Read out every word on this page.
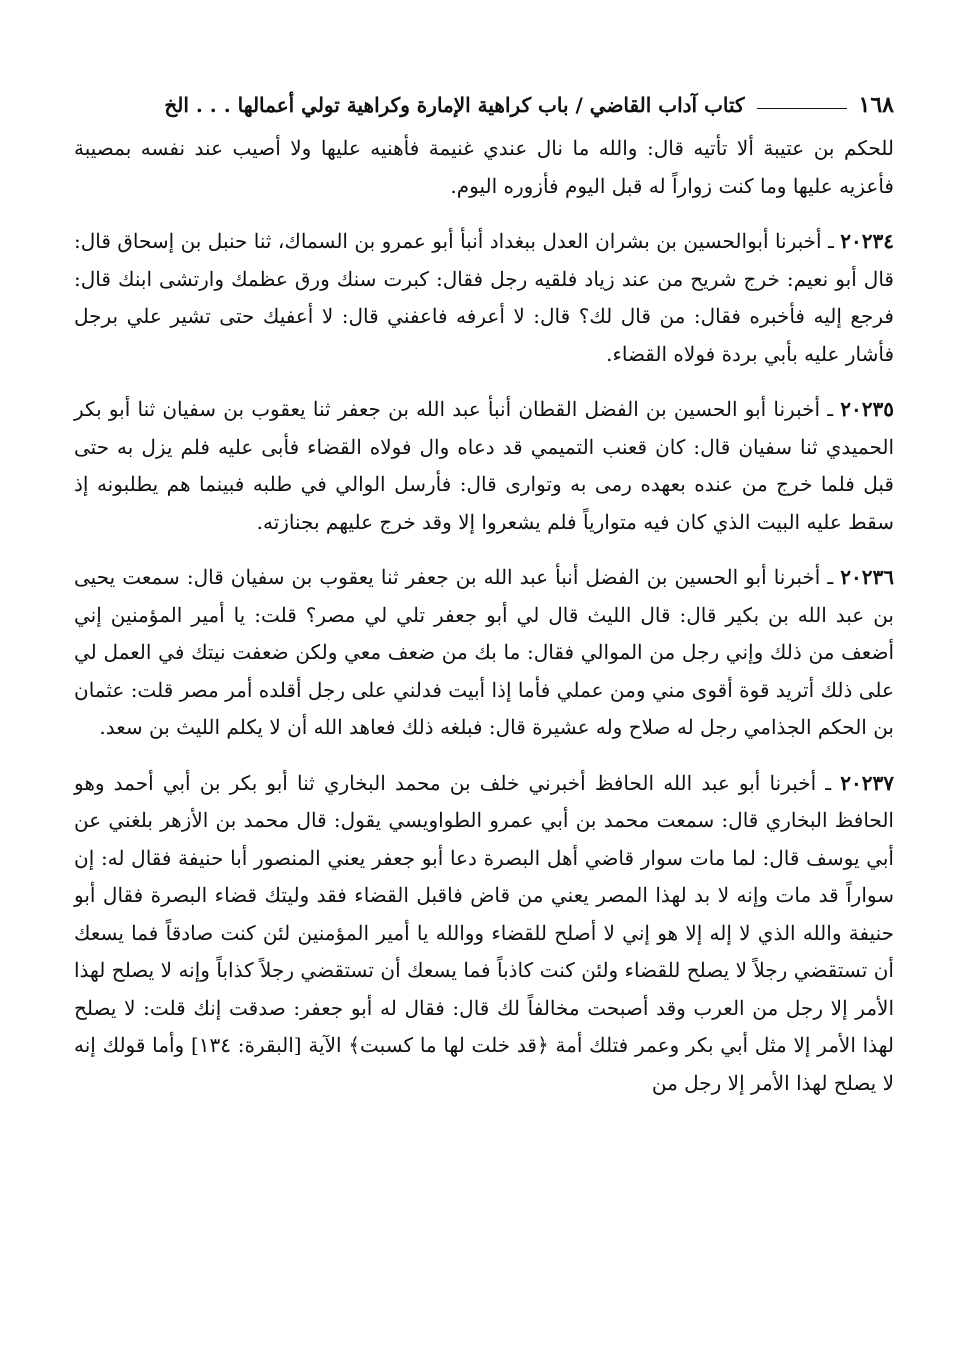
١٦٨
كتاب آداب القاضي / باب كراهية الإمارة وكراهية تولي أعمالها . . . الخ

للحكم بن عتيبة ألا تأتيه قال: والله ما نال عندي غنيمة فأهنيه عليها ولا أصيب عند نفسه بمصيبة فأعزيه عليها وما كنت زواراً له قبل اليوم فأزوره اليوم.

٢٠٢٣٤ ـ أخبرنا أبوالحسين بن بشران العدل ببغداد أنبأ أبو عمرو بن السماك، ثنا حنبل بن إسحاق قال: قال أبو نعيم: خرج شريح من عند زياد فلقيه رجل فقال: كبرت سنك ورق عظمك وارتشى ابنك قال: فرجع إليه فأخبره فقال: من قال لك؟ قال: لا أعرفه فاعفني قال: لا أعفيك حتى تشير علي برجل فأشار عليه بأبي بردة فولاه القضاء.

٢٠٢٣٥ ـ أخبرنا أبو الحسين بن الفضل القطان أنبأ عبد الله بن جعفر ثنا يعقوب بن سفيان ثنا أبو بكر الحميدي ثنا سفيان قال: كان قعنب التميمي قد دعاه وال فولاه القضاء فأبى عليه فلم يزل به حتى قبل فلما خرج من عنده بعهده رمى به وتوارى قال: فأرسل الوالي في طلبه فبينما هم يطلبونه إذ سقط عليه البيت الذي كان فيه متوارياً فلم يشعروا إلا وقد خرج عليهم بجنازته.

٢٠٢٣٦ ـ أخبرنا أبو الحسين بن الفضل أنبأ عبد الله بن جعفر ثنا يعقوب بن سفيان قال: سمعت يحيى بن عبد الله بن بكير قال: قال الليث قال لي أبو جعفر تلي لي مصر؟ قلت: يا أمير المؤمنين إني أضعف من ذلك وإني رجل من الموالي فقال: ما بك من ضعف معي ولكن ضعفت نيتك في العمل لي على ذلك أتريد قوة أقوى مني ومن عملي فأما إذا أبيت فدلني على رجل أقلده أمر مصر قلت: عثمان بن الحكم الجذامي رجل له صلاح وله عشيرة قال: فبلغه ذلك فعاهد الله أن لا يكلم الليث بن سعد.

٢٠٢٣٧ ـ أخبرنا أبو عبد الله الحافظ أخبرني خلف بن محمد البخاري ثنا أبو بكر بن أبي أحمد وهو الحافظ البخاري قال: سمعت محمد بن أبي عمرو الطواويسي يقول: قال محمد بن الأزهر بلغني عن أبي يوسف قال: لما مات سوار قاضي أهل البصرة دعا أبو جعفر يعني المنصور أبا حنيفة فقال له: إن سواراً قد مات وإنه لا بد لهذا المصر يعني من قاض فاقبل القضاء فقد وليتك قضاء البصرة فقال أبو حنيفة والله الذي لا إله إلا هو إني لا أصلح للقضاء ووالله يا أمير المؤمنين لئن كنت صادقاً فما يسعك أن تستقضي رجلاً لا يصلح للقضاء ولئن كنت كاذباً فما يسعك أن تستقضي رجلاً كذاباً وإنه لا يصلح لهذا الأمر إلا رجل من العرب وقد أصبحت مخالفاً لك قال: فقال له أبو جعفر: صدقت إنك قلت: لا يصلح لهذا الأمر إلا مثل أبي بكر وعمر فتلك أمة ﴿قد خلت لها ما كسبت﴾ الآية [البقرة: ١٣٤] وأما قولك إنه لا يصلح لهذا الأمر إلا رجل من
